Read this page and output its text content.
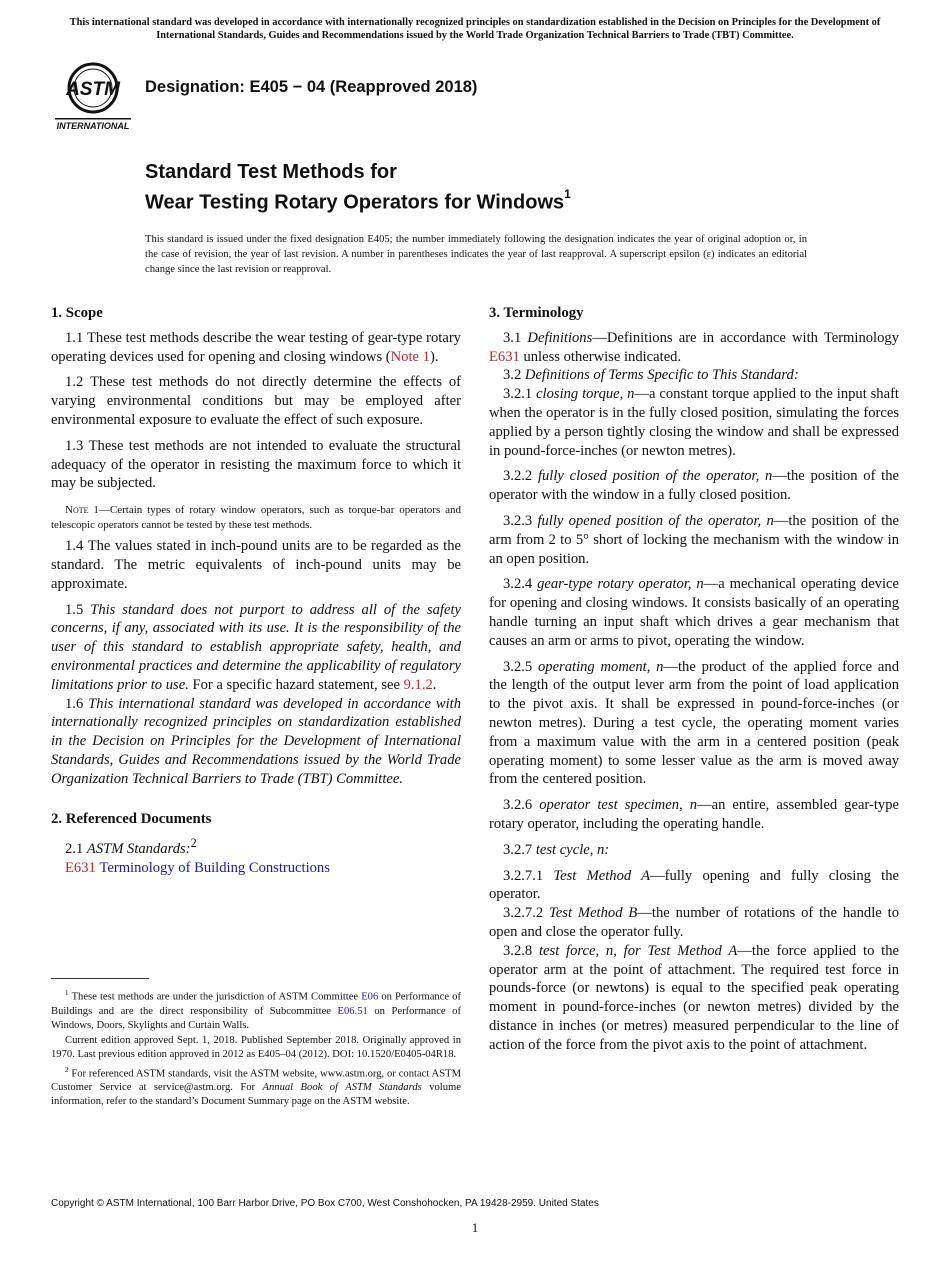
This international standard was developed in accordance with internationally recognized principles on standardization established in the Decision on Principles for the Development of International Standards, Guides and Recommendations issued by the World Trade Organization Technical Barriers to Trade (TBT) Committee.
ASTM
INTERNATIONAL
Designation: E405 − 04 (Reapproved 2018)
Standard Test Methods for
Wear Testing Rotary Operators for Windows$^1$
This standard is issued under the fixed designation E405; the number immediately following the designation indicates the year of original adoption or, in the case of revision, the year of last revision. A number in parentheses indicates the year of last reapproval. A superscript epsilon (ε) indicates an editorial change since the last revision or reapproval.
1. Scope

1.1 These test methods describe the wear testing of gear-type rotary operating devices used for opening and closing windows (Note 1).

1.2 These test methods do not directly determine the effects of varying environmental conditions but may be employed after environmental exposure to evaluate the effect of such exposure.

1.3 These test methods are not intended to evaluate the structural adequacy of the operator in resisting the maximum force to which it may be subjected.

Note 1—Certain types of rotary window operators, such as torque-bar operators and telescopic operators cannot be tested by these test methods.

1.4 The values stated in inch-pound units are to be regarded as the standard. The metric equivalents of inch-pound units may be approximate.

1.5 This standard does not purport to address all of the safety concerns, if any, associated with its use. It is the responsibility of the user of this standard to establish appropriate safety, health, and environmental practices and determine the applicability of regulatory limitations prior to use. For a specific hazard statement, see 9.1.2.

1.6 This international standard was developed in accordance with internationally recognized principles on standardization established in the Decision on Principles for the Development of International Standards, Guides and Recommendations issued by the World Trade Organization Technical Barriers to Trade (TBT) Committee.

2. Referenced Documents

2.1 ASTM Standards:$^2$

E631 Terminology of Building Constructions

3. Terminology

3.1 Definitions—Definitions are in accordance with Terminology E631 unless otherwise indicated.

3.2 Definitions of Terms Specific to This Standard:

3.2.1 closing torque, n—a constant torque applied to the input shaft when the operator is in the fully closed position, simulating the forces applied by a person tightly closing the window and shall be expressed in pound-force-inches (or newton metres).

3.2.2 fully closed position of the operator, n—the position of the operator with the window in a fully closed position.

3.2.3 fully opened position of the operator, n—the position of the arm from 2 to 5° short of locking the mechanism with the window in an open position.

3.2.4 gear-type rotary operator, n—a mechanical operating device for opening and closing windows. It consists basically of an operating handle turning an input shaft which drives a gear mechanism that causes an arm or arms to pivot, operating the window.

3.2.5 operating moment, n—the product of the applied force and the length of the output lever arm from the point of load application to the pivot axis. It shall be expressed in pound-force-inches (or newton metres). During a test cycle, the operating moment varies from a maximum value with the arm in a centered position (peak operating moment) to some lesser value as the arm is moved away from the centered position.

3.2.6 operator test specimen, n—an entire, assembled gear-type rotary operator, including the operating handle.

3.2.7 test cycle, n:

3.2.7.1 Test Method A—fully opening and fully closing the operator.

3.2.7.2 Test Method B—the number of rotations of the handle to open and close the operator fully.

3.2.8 test force, n, for Test Method A—the force applied to the operator arm at the point of attachment. The required test force in pounds-force (or newtons) is equal to the specified peak operating moment in pound-force-inches (or newton metres) divided by the distance in inches (or metres) measured perpendicular to the line of action of the force from the pivot axis to the point of attachment.

$^1$ These test methods are under the jurisdiction of ASTM Committee E06 on Performance of Buildings and are the direct responsibility of Subcommittee E06.51 on Performance of Windows, Doors, Skylights and Curtain Walls.

Current edition approved Sept. 1, 2018. Published September 2018. Originally approved in 1970. Last previous edition approved in 2012 as E405–04 (2012). DOI: 10.1520/E0405-04R18.

$^2$ For referenced ASTM standards, visit the ASTM website, www.astm.org, or contact ASTM Customer Service at service@astm.org. For Annual Book of ASTM Standards volume information, refer to the standard’s Document Summary page on the ASTM website.

Copyright © ASTM International, 100 Barr Harbor Drive, PO Box C700, West Conshohocken, PA 19428-2959. United States
1
